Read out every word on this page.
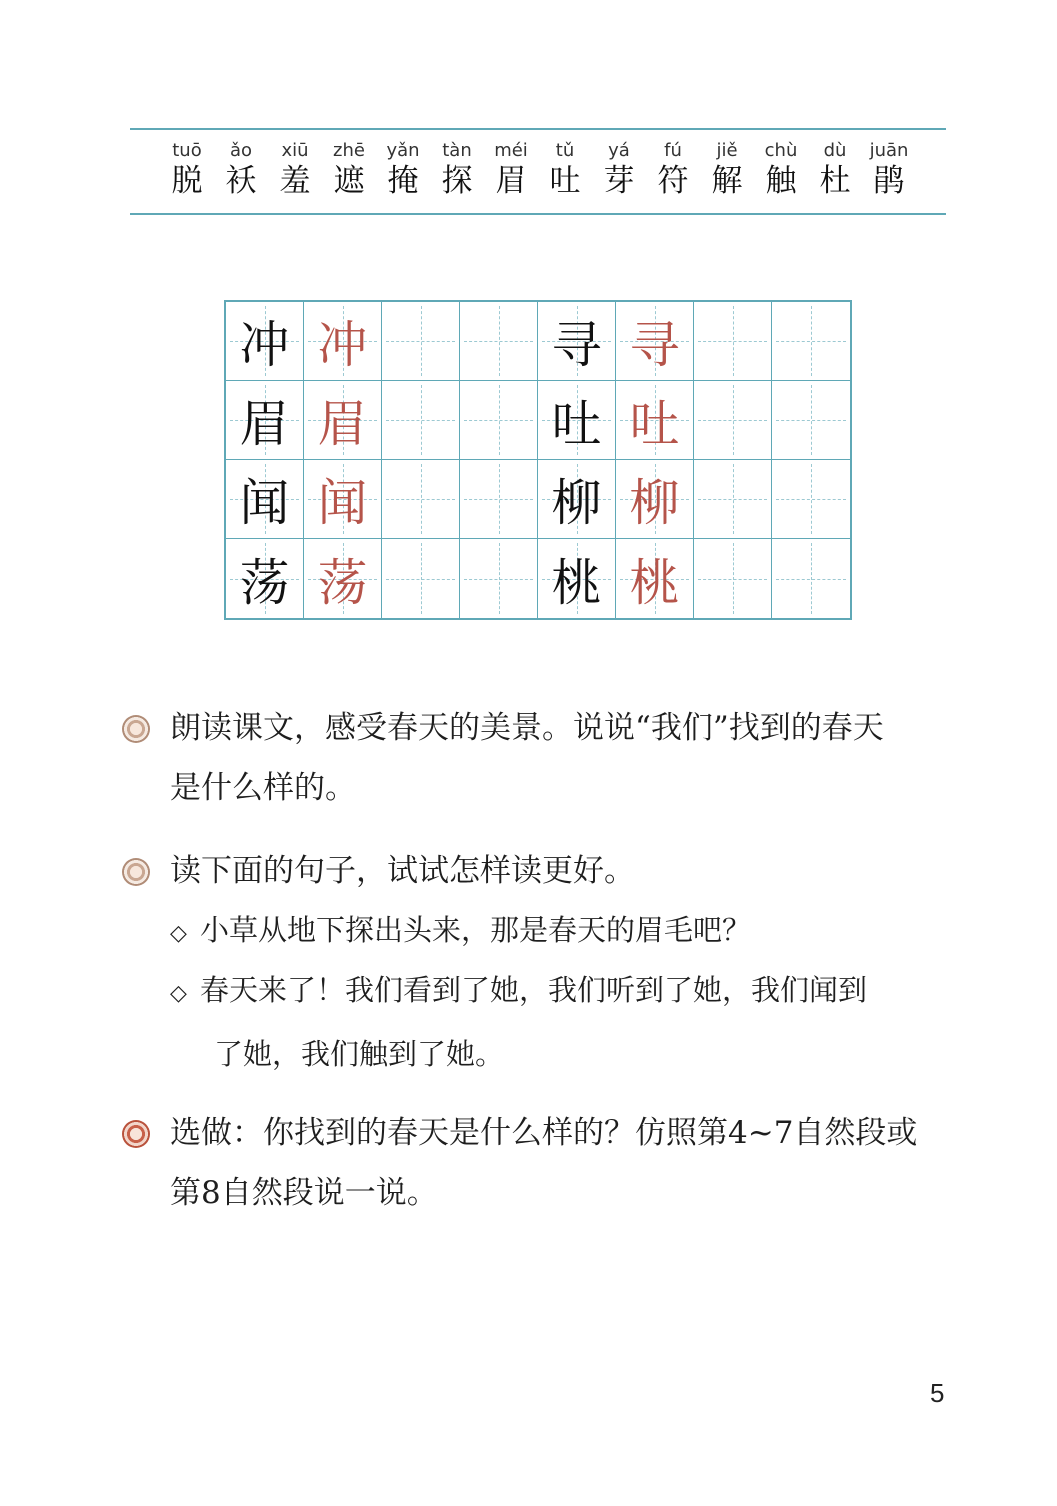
tuō
脱
ǎo
袄
xiū
羞
zhē
遮
yǎn
掩
tàn
探
méi
眉
tǔ
吐
yá
芽
fú
符
jiě
解
chù
触
dù
杜
juān
鹃
冲 冲	寻 寻
眉 眉	吐 吐
闻 闻	柳 柳
荡 荡	桃 桃
朗读课文，感受春天的美景。说说“我们”找到的春天
是什么样的。
读下面的句子，试试怎样读更好。
◇ 小草从地下探出头来，那是春天的眉毛吧？
◇ 春天来了！我们看到了她，我们听到了她，我们闻到
了她，我们触到了她。
选做：你找到的春天是什么样的？仿照第4~7自然段或
第8自然段说一说。
5
